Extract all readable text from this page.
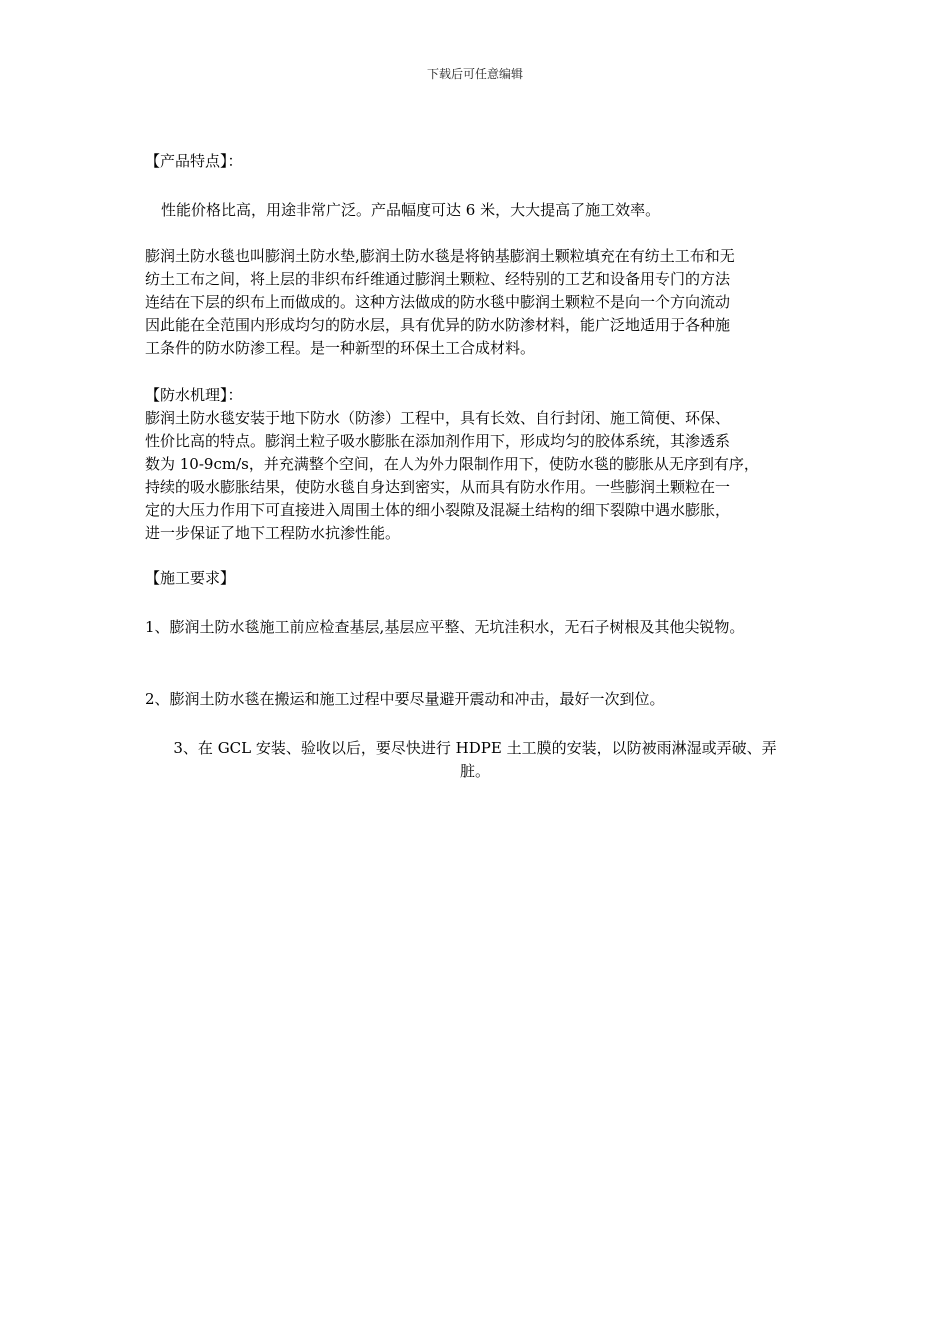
下载后可任意编辑

【产品特点】：

性能价格比高，用途非常广泛。产品幅度可达 6 米，大大提高了施工效率。

膨润土防水毯也叫膨润土防水垫,膨润土防水毯是将钠基膨润土颗粒填充在有纺土工布和无
纺土工布之间，将上层的非织布纤维通过膨润土颗粒、经特别的工艺和设备用专门的方法
连结在下层的织布上而做成的。这种方法做成的防水毯中膨润土颗粒不是向一个方向流动
因此能在全范围内形成均匀的防水层，具有优异的防水防渗材料，能广泛地适用于各种施
工条件的防水防渗工程。是一种新型的环保土工合成材料。

【防水机理】：

膨润土防水毯安装于地下防水（防渗）工程中，具有长效、自行封闭、施工简便、环保、
性价比高的特点。膨润土粒子吸水膨胀在添加剂作用下，形成均匀的胶体系统，其渗透系
数为 10-9cm/s，并充满整个空间，在人为外力限制作用下，使防水毯的膨胀从无序到有序，
持续的吸水膨胀结果，使防水毯自身达到密实，从而具有防水作用。一些膨润土颗粒在一
定的大压力作用下可直接进入周围土体的细小裂隙及混凝土结构的细下裂隙中遇水膨胀，
进一步保证了地下工程防水抗渗性能。

【施工要求】

1、膨润土防水毯施工前应检查基层,基层应平整、无坑洼积水，无石子树根及其他尖锐物。

2、膨润土防水毯在搬运和施工过程中要尽量避开震动和冲击，最好一次到位。

3、在 GCL 安装、验收以后，要尽快进行 HDPE 土工膜的安装，以防被雨淋湿或弄破、弄
脏。
